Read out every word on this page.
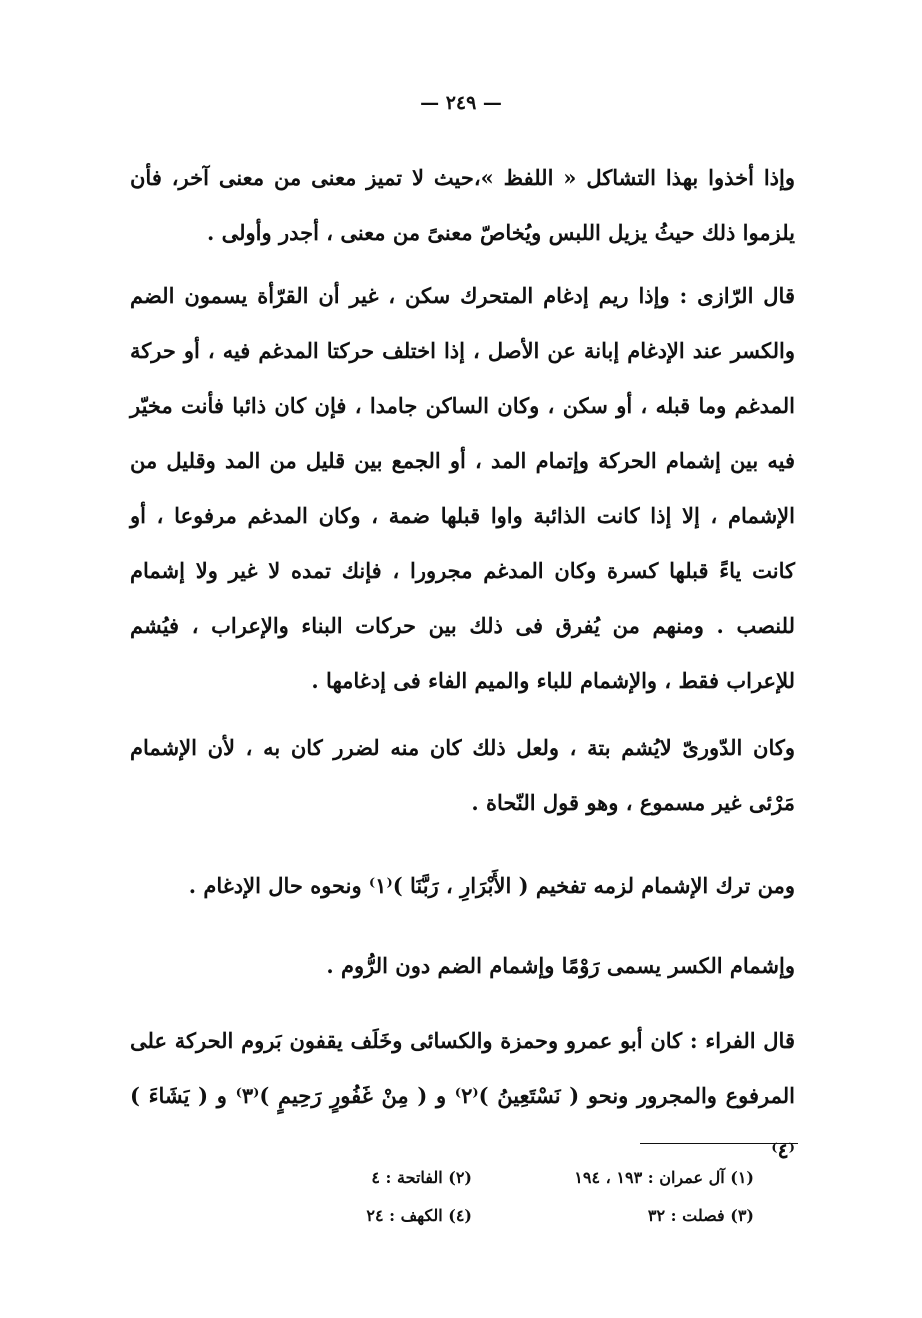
— ٢٤٩ —
وإذا أخذوا بهذا التشاكل « اللفظ »،حيث لا تميز معنى من معنى آخر، فأن يلزموا ذلك حيثُ يزيل اللبس ويُخاصّ معنىً من معنى ، أجدر وأولى .
قال الرّازى : وإذا ريم إدغام المتحرك سكن ، غير أن القرّأة يسمون الضم والكسر عند الإدغام إبانة عن الأصل ، إذا اختلف حركتا المدغم فيه ، أو حركة المدغم وما قبله ، أو سكن ، وكان الساكن جامدا ، فإن كان ذائبا فأنت مخيّر فيه بين إشمام الحركة وإتمام المد ، أو الجمع بين قليل من المد وقليل من الإشمام ، إلا إذا كانت الذائبة واوا قبلها ضمة ، وكان المدغم مرفوعا ، أو كانت ياءً قبلها كسرة وكان المدغم مجرورا ، فإنك تمده لا غير ولا إشمام للنصب . ومنهم من يُفرق فى ذلك بين حركات البناء والإعراب ، فيُشم للإعراب فقط ، والإشمام للباء والميم الفاء فى إدغامها .
وكان الدّورىّ لايُشم بتة ، ولعل ذلك كان منه لضرر كان به ، لأن الإشمام مَرْئى غير مسموع ، وهو قول النّحاة .
ومن ترك الإشمام لزمه تفخيم ( الأَبْرَارِ ، رَبَّنَا )⁽١⁾ ونحوه حال الإدغام .
وإشمام الكسر يسمى رَوْمًا وإشمام الضم دون الرُّوم .
قال الفراء : كان أبو عمرو وحمزة والكسائى وخَلَف يقفون بَروم الحركة على المرفوع والمجرور ونحو ( نَسْتَعِينُ )⁽٢⁾ و ( مِنْ غَفُورٍ رَحِيمٍ )⁽٣⁾ و ( يَشَاءَ )⁽٤⁾
(١) آل عمران : ١٩٣ ، ١٩٤
(٢) الفاتحة : ٤
(٣) فصلت : ٣٢
(٤) الكهف : ٢٤
